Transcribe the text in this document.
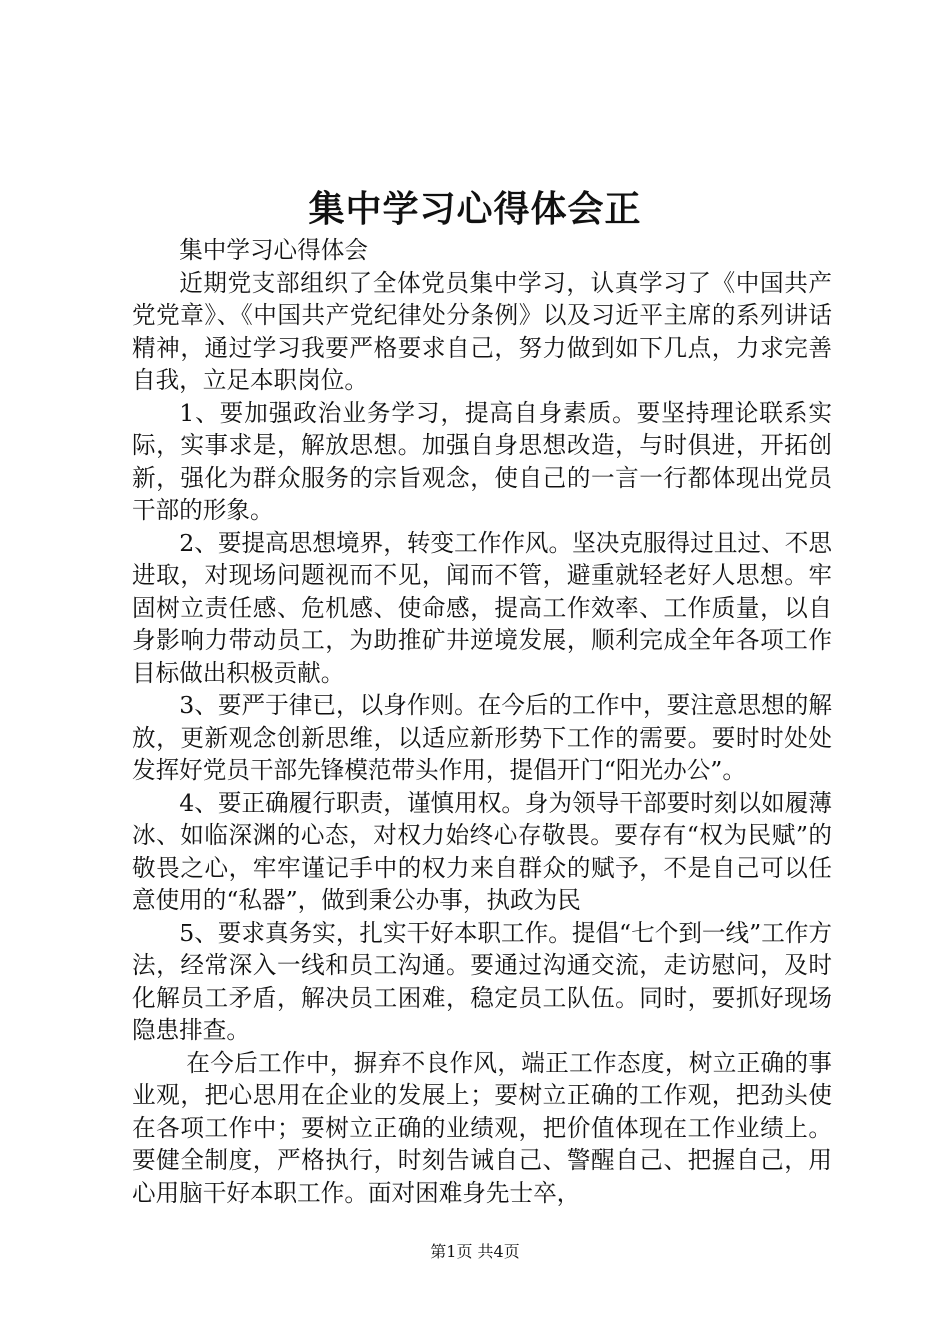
集中学习心得体会正

集中学习心得体会

近期党支部组织了全体党员集中学习，认真学习了《中国共产党党章》、《中国共产党纪律处分条例》以及习近平主席的系列讲话精神，通过学习我要严格要求自己，努力做到如下几点，力求完善自我，立足本职岗位。

1、要加强政治业务学习，提高自身素质。要坚持理论联系实际，实事求是，解放思想。加强自身思想改造，与时俱进，开拓创新，强化为群众服务的宗旨观念，使自己的一言一行都体现出党员干部的形象。

2、要提高思想境界，转变工作作风。坚决克服得过且过、不思进取，对现场问题视而不见，闻而不管，避重就轻老好人思想。牢固树立责任感、危机感、使命感，提高工作效率、工作质量，以自身影响力带动员工，为助推矿井逆境发展，顺利完成全年各项工作目标做出积极贡献。

3、要严于律已，以身作则。在今后的工作中，要注意思想的解放，更新观念创新思维，以适应新形势下工作的需要。要时时处处发挥好党员干部先锋模范带头作用，提倡开门“阳光办公”。

4、要正确履行职责，谨慎用权。身为领导干部要时刻以如履薄冰、如临深渊的心态，对权力始终心存敬畏。要存有“权为民赋”的敬畏之心，牢牢谨记手中的权力来自群众的赋予，不是自己可以任意使用的“私器”，做到秉公办事，执政为民

5、要求真务实，扎实干好本职工作。提倡“七个到一线”工作方法，经常深入一线和员工沟通。要通过沟通交流，走访慰问，及时化解员工矛盾，解决员工困难，稳定员工队伍。同时，要抓好现场隐患排查。

在今后工作中，摒弃不良作风，端正工作态度，树立正确的事业观，把心思用在企业的发展上；要树立正确的工作观，把劲头使在各项工作中；要树立正确的业绩观，把价值体现在工作业绩上。要健全制度，严格执行，时刻告诫自己、警醒自己、把握自己，用心用脑干好本职工作。面对困难身先士卒，

第1页 共4页
